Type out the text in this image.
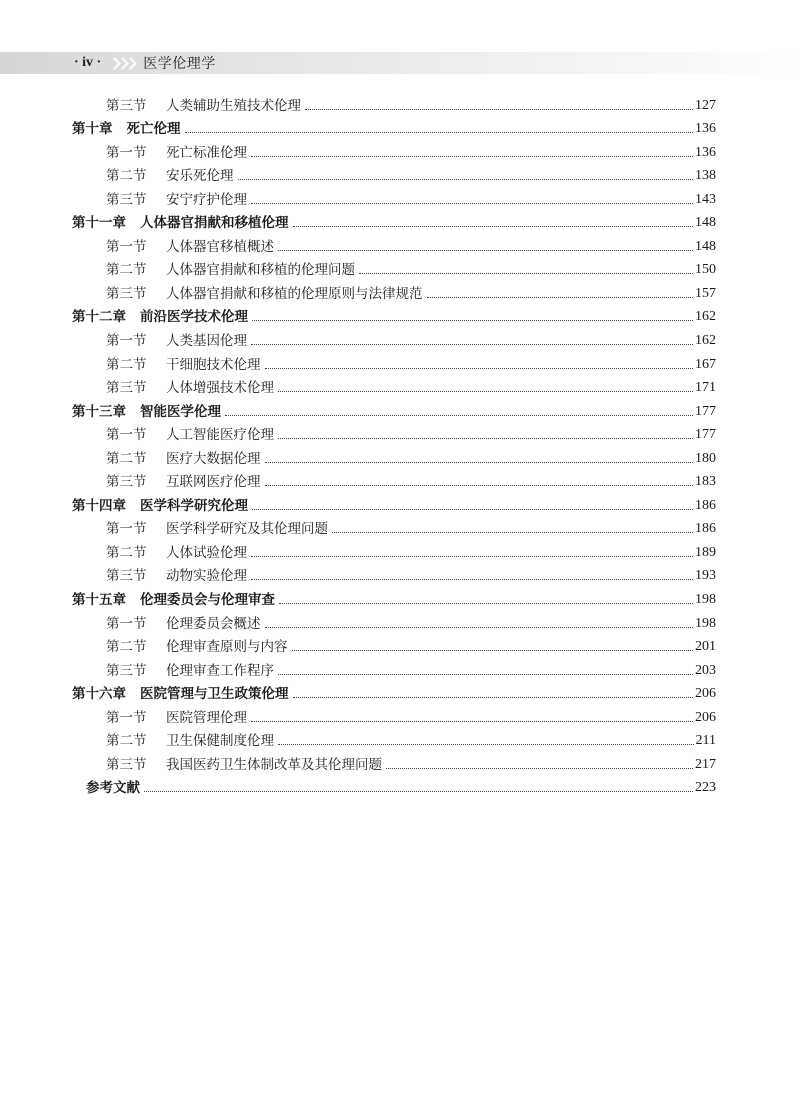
· iv ·	医学伦理学
第三节	人类辅助生殖技术伦理	127
第十章 死亡伦理	136
第一节	死亡标准伦理	136
第二节	安乐死伦理	138
第三节	安宁疗护伦理	143
第十一章 人体器官捐献和移植伦理	148
第一节	人体器官移植概述	148
第二节	人体器官捐献和移植的伦理问题	150
第三节	人体器官捐献和移植的伦理原则与法律规范	157
第十二章 前沿医学技术伦理	162
第一节	人类基因伦理	162
第二节	干细胞技术伦理	167
第三节	人体增强技术伦理	171
第十三章 智能医学伦理	177
第一节	人工智能医疗伦理	177
第二节	医疗大数据伦理	180
第三节	互联网医疗伦理	183
第十四章 医学科学研究伦理	186
第一节	医学科学研究及其伦理问题	186
第二节	人体试验伦理	189
第三节	动物实验伦理	193
第十五章 伦理委员会与伦理审查	198
第一节	伦理委员会概述	198
第二节	伦理审查原则与内容	201
第三节	伦理审查工作程序	203
第十六章 医院管理与卫生政策伦理	206
第一节	医院管理伦理	206
第二节	卫生保健制度伦理	211
第三节	我国医药卫生体制改革及其伦理问题	217
参考文献	223
